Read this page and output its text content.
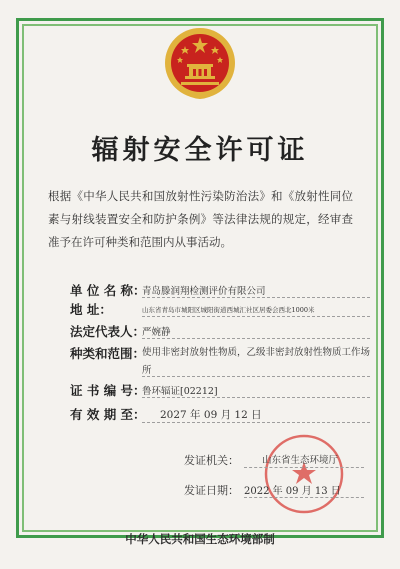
辐射安全许可证
根据《中华人民共和国放射性污染防治法》和《放射性同位素与射线装置安全和防护条例》等法律法规的规定，经审查准予在许可种类和范围内从事活动。
单 位 名 称：
青岛滕润翔检测评价有限公司
地 址：	山东省青岛市城阳区城阳街道西城汇社区居委会西北1000米
法定代表人：
严婉静
种类和范围：
使用非密封放射性物质，乙级非密封放射性物质工作场所
证 书 编 号：
鲁环辐证[02212]
有 效 期 至： 2027 年 09 月 12 日
发证机关： 山东省生态环境厅
发证日期： 2022 年 09 月 13 日
中华人民共和国生态环境部制
